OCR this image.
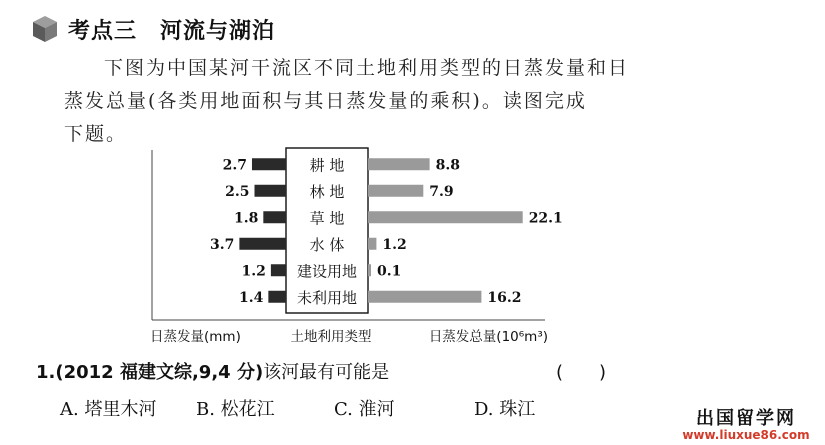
考点三　河流与湖泊
下图为中国某河干流区不同土地利用类型的日蒸发量和日
蒸发总量(各类用地面积与其日蒸发量的乘积)。读图完成
下题。
耕 地
2.7	8.8
林 地
2.5	7.9
草 地
1.8	22.1
水 体
3.7	1.2
建设用地
1.2	0.1
未利用地
1.4	16.2
日蒸发量(mm)	土地利用类型	日蒸发总量(10⁶m³)
1.(2012 福建文综,9,4 分)该河最有可能是	(　　)
A. 塔里木河 B. 松花江	C. 淮河	D. 珠江	出国留学网
www.liuxue86.com
